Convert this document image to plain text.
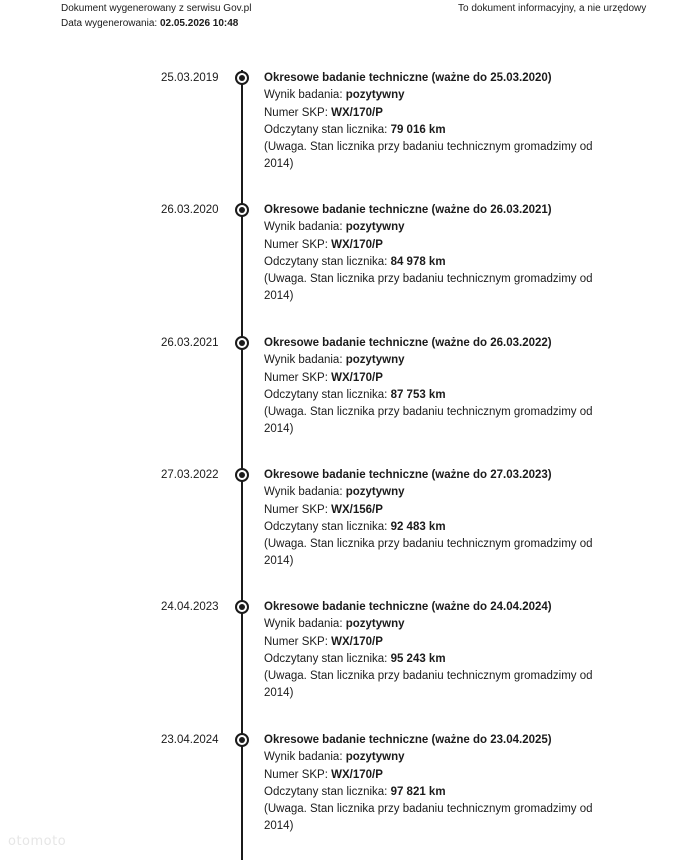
Dokument wygenerowany z serwisu Gov.pl
Data wygenerowania: 02.05.2026 10:48
To dokument informacyjny, a nie urzędowy
25.03.2019	Okresowe badanie techniczne (ważne do 25.03.2020)
Wynik badania: pozytywny
Numer SKP: WX/170/P
Odczytany stan licznika: 79 016 km
(Uwaga. Stan licznika przy badaniu technicznym gromadzimy od 2014)
26.03.2020	Okresowe badanie techniczne (ważne do 26.03.2021)
Wynik badania: pozytywny
Numer SKP: WX/170/P
Odczytany stan licznika: 84 978 km
(Uwaga. Stan licznika przy badaniu technicznym gromadzimy od 2014)
26.03.2021	Okresowe badanie techniczne (ważne do 26.03.2022)
Wynik badania: pozytywny
Numer SKP: WX/170/P
Odczytany stan licznika: 87 753 km
(Uwaga. Stan licznika przy badaniu technicznym gromadzimy od 2014)
27.03.2022	Okresowe badanie techniczne (ważne do 27.03.2023)
Wynik badania: pozytywny
Numer SKP: WX/156/P
Odczytany stan licznika: 92 483 km
(Uwaga. Stan licznika przy badaniu technicznym gromadzimy od 2014)
24.04.2023	Okresowe badanie techniczne (ważne do 24.04.2024)
Wynik badania: pozytywny
Numer SKP: WX/170/P
Odczytany stan licznika: 95 243 km
(Uwaga. Stan licznika przy badaniu technicznym gromadzimy od 2014)
23.04.2024	Okresowe badanie techniczne (ważne do 23.04.2025)
Wynik badania: pozytywny
Numer SKP: WX/170/P
Odczytany stan licznika: 97 821 km
(Uwaga. Stan licznika przy badaniu technicznym gromadzimy od 2014)
otomoto
